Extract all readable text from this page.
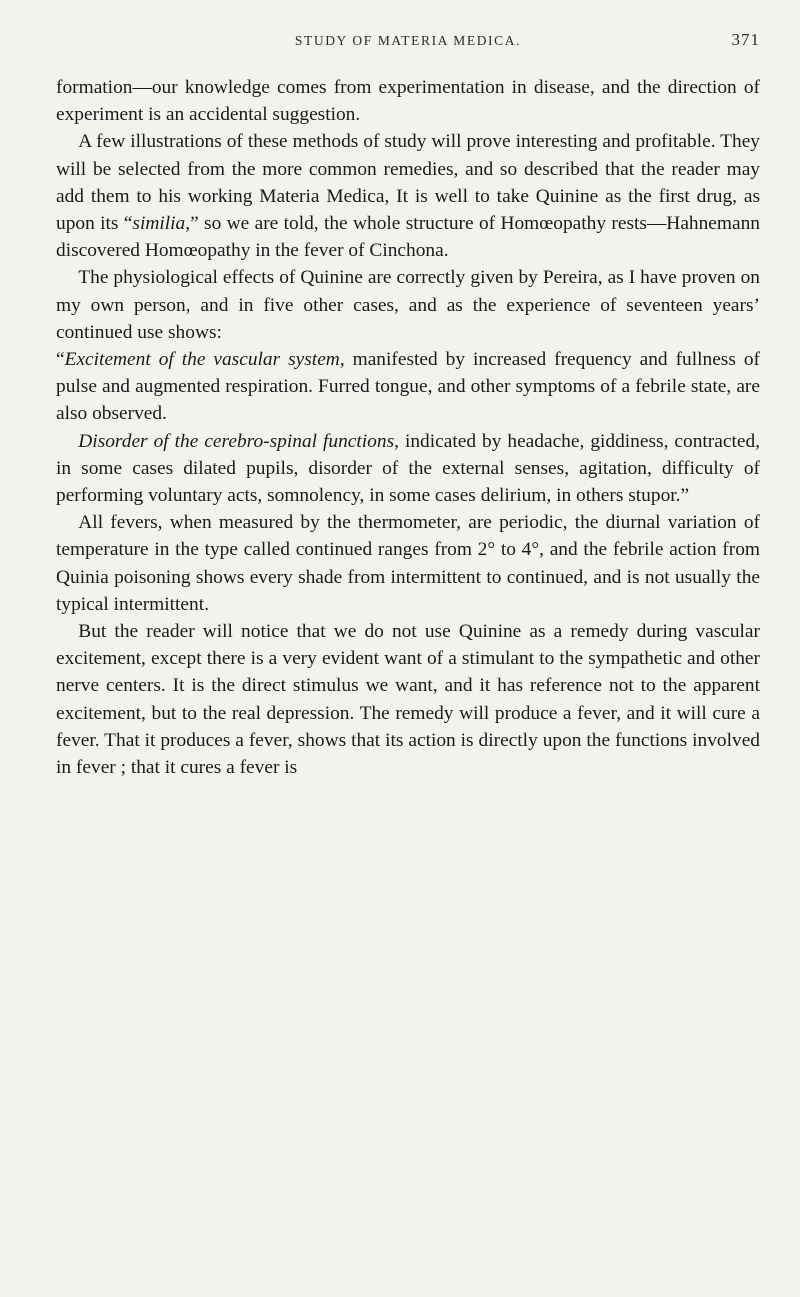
STUDY OF MATERIA MEDICA.	371

formation—our knowledge comes from experimentation in disease, and the direction of experiment is an accidental suggestion.

A few illustrations of these methods of study will prove interesting and profitable. They will be selected from the more common remedies, and so described that the reader may add them to his working Materia Medica, It is well to take Quinine as the first drug, as upon its “similia,” so we are told, the whole structure of Homœopathy rests—Hahnemann discovered Homœopathy in the fever of Cinchona.

The physiological effects of Quinine are correctly given by Pereira, as I have proven on my own person, and in five other cases, and as the experience of seventeen years’ continued use shows:

“Excitement of the vascular system, manifested by increased frequency and fullness of pulse and augmented respiration. Furred tongue, and other symptoms of a febrile state, are also observed.

Disorder of the cerebro-spinal functions, indicated by headache, giddiness, contracted, in some cases dilated pupils, disorder of the external senses, agitation, difficulty of performing voluntary acts, somnolency, in some cases delirium, in others stupor.”

All fevers, when measured by the thermometer, are periodic, the diurnal variation of temperature in the type called continued ranges from 2° to 4°, and the febrile action from Quinia poisoning shows every shade from intermittent to continued, and is not usually the typical intermittent.

But the reader will notice that we do not use Quinine as a remedy during vascular excitement, except there is a very evident want of a stimulant to the sympathetic and other nerve centers. It is the direct stimulus we want, and it has reference not to the apparent excitement, but to the real depression. The remedy will produce a fever, and it will cure a fever. That it produces a fever, shows that its action is directly upon the functions involved in fever ; that it cures a fever is
